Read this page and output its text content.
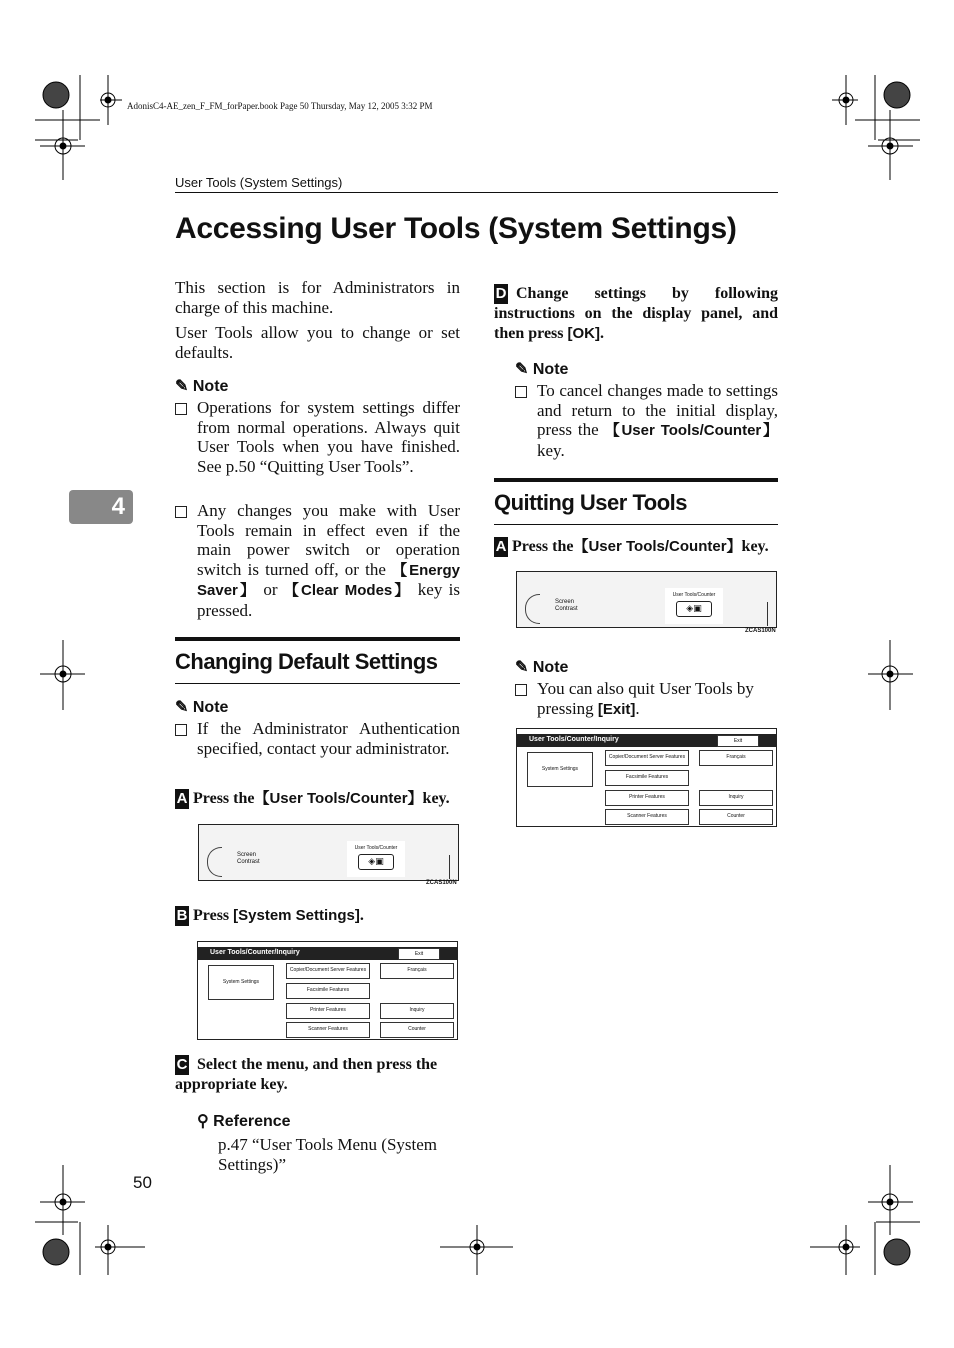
AdonisC4-AE_zen_F_FM_forPaper.book Page 50 Thursday, May 12, 2005 3:32 PM
User Tools (System Settings)
Accessing User Tools (System Settings)
4
This section is for Administrators in charge of this machine.
User Tools allow you to change or set defaults.
✎ Note
Operations for system settings differ from normal operations. Always quit User Tools when you have finished. See p.50 “Quitting User Tools”.
Any changes you make with User Tools remain in effect even if the main power switch or operation switch is turned off, or the 【Energy Saver】 or 【Clear Modes】 key is pressed.
Changing Default Settings
✎ Note
If the Administrator Authentication specified, contact your administrator.
A Press the【User Tools/Counter】key.
Screen Contrast
User Tools/Counter
◈▣
ZCAS100N
B Press [System Settings].
User Tools/Counter/Inquiry	Exit
System Settings
Copier/Document Server Features
Facsimile Features
Printer Features
Scanner Features
Français
Inquiry
Counter
C Select the menu, and then press the appropriate key.
⚲ Reference
p.47 “User Tools Menu (System Settings)”
50
D Change settings by following instructions on the display panel, and then press [OK].
✎ Note
To cancel changes made to settings and return to the initial display, press the 【User Tools/Counter】 key.
Quitting User Tools
A Press the【User Tools/Counter】key.
Screen Contrast
User Tools/Counter
◈▣
ZCAS100N
✎ Note
You can also quit User Tools by pressing [Exit].
User Tools/Counter/Inquiry	Exit
System Settings
Copier/Document Server Features
Facsimile Features
Printer Features
Scanner Features
Français
Inquiry
Counter
